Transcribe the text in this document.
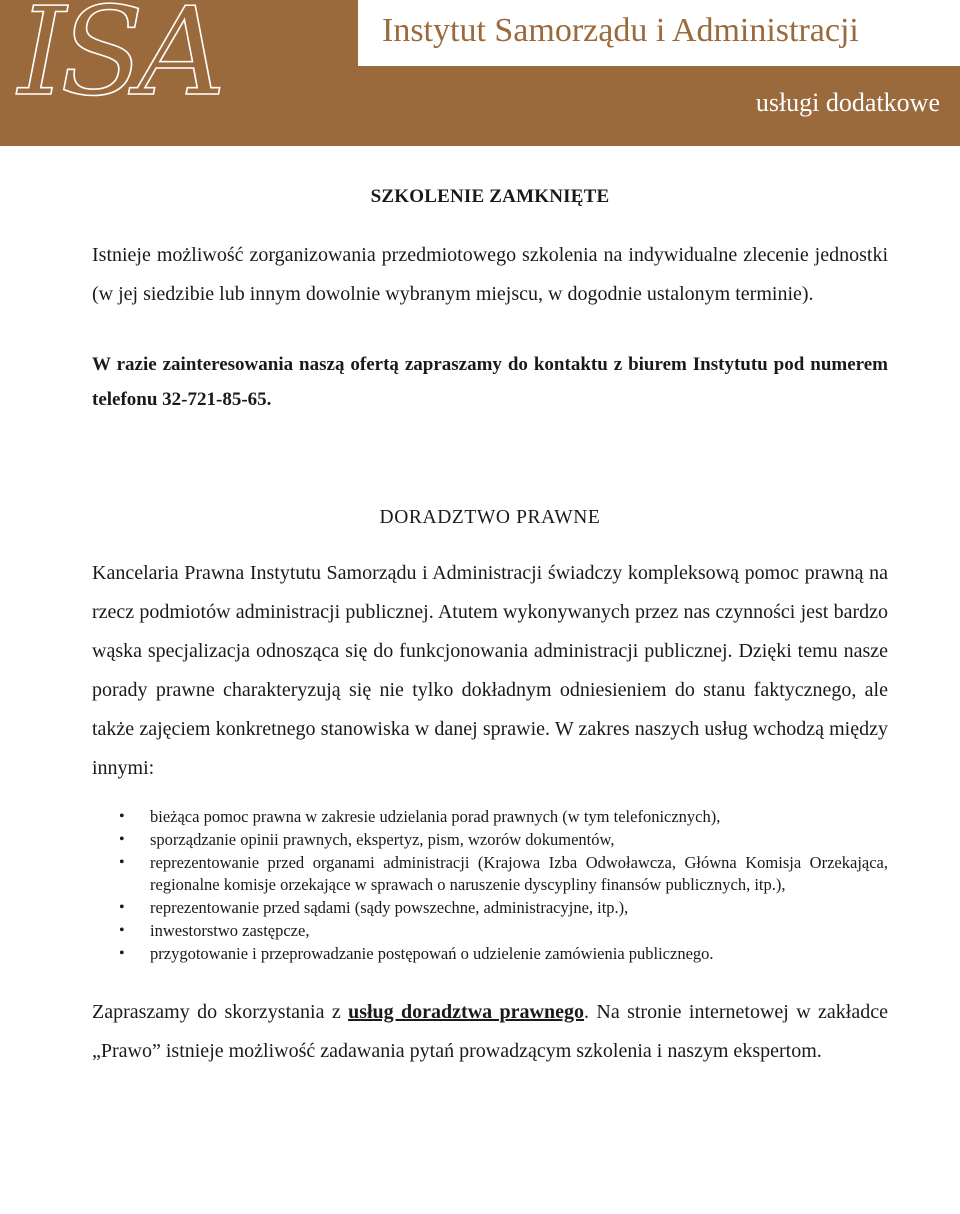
ISA	Instytut Samorządu i Administracji
usługi dodatkowe

SZKOLENIE ZAMKNIĘTE

Istnieje możliwość zorganizowania przedmiotowego szkolenia na indywidualne zlecenie jednostki (w jej siedzibie lub innym dowolnie wybranym miejscu, w dogodnie ustalonym terminie).

W razie zainteresowania naszą ofertą zapraszamy do kontaktu z biurem Instytutu pod numerem telefonu 32-721-85-65.

DORADZTWO PRAWNE

Kancelaria Prawna Instytutu Samorządu i Administracji świadczy kompleksową pomoc prawną na rzecz podmiotów administracji publicznej. Atutem wykonywanych przez nas czynności jest bardzo wąska specjalizacja odnosząca się do funkcjonowania administracji publicznej. Dzięki temu nasze porady prawne charakteryzują się nie tylko dokładnym odniesieniem do stanu faktycznego, ale także zajęciem konkretnego stanowiska w danej sprawie. W zakres naszych usług wchodzą między innymi:

• bieżąca pomoc prawna w zakresie udzielania porad prawnych (w tym telefonicznych),
• sporządzanie opinii prawnych, ekspertyz, pism, wzorów dokumentów,
• reprezentowanie przed organami administracji (Krajowa Izba Odwoławcza, Główna Komisja Orzekająca, regionalne komisje orzekające w sprawach o naruszenie dyscypliny finansów publicznych, itp.),
• reprezentowanie przed sądami (sądy powszechne, administracyjne, itp.),
• inwestorstwo zastępcze,
• przygotowanie i przeprowadzanie postępowań o udzielenie zamówienia publicznego.

Zapraszamy do skorzystania z usług doradztwa prawnego. Na stronie internetowej w zakładce „Prawo” istnieje możliwość zadawania pytań prowadzącym szkolenia i naszym ekspertom.
